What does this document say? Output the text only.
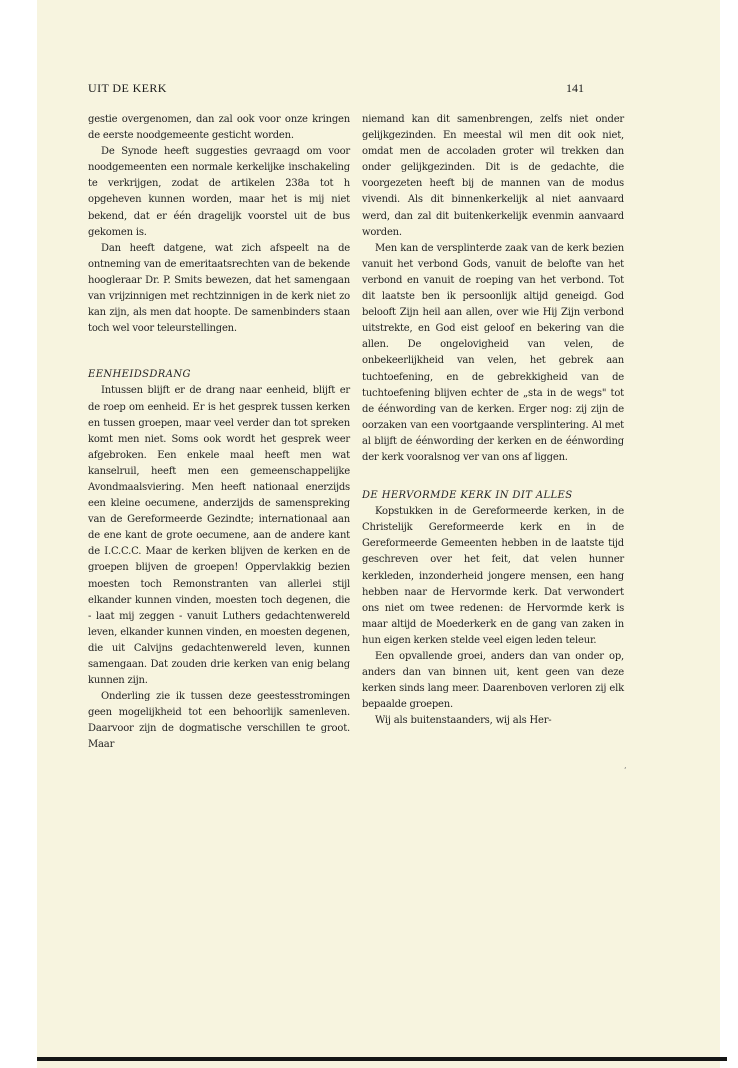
UIT DE KERK	141

gestie overgenomen, dan zal ook voor onze kringen de eerste noodgemeente gesticht worden.

De Synode heeft suggesties gevraagd om voor noodgemeenten een normale kerkelijke inschakeling te verkrijgen, zodat de artikelen 238a tot h opgeheven kunnen worden, maar het is mij niet bekend, dat er één dragelijk voorstel uit de bus gekomen is.

Dan heeft datgene, wat zich afspeelt na de ontneming van de emeritaatsrechten van de bekende hoogleraar Dr. P. Smits bewezen, dat het samengaan van vrijzinnigen met rechtzinnigen in de kerk niet zo kan zijn, als men dat hoopte. De samenbinders staan toch wel voor teleurstellingen.

EENHEIDSDRANG

Intussen blijft er de drang naar eenheid, blijft er de roep om eenheid. Er is het gesprek tussen kerken en tussen groepen, maar veel verder dan tot spreken komt men niet. Soms ook wordt het gesprek weer afgebroken. Een enkele maal heeft men wat kanselruil, heeft men een gemeenschappelijke Avondmaalsviering. Men heeft nationaal enerzijds een kleine oecumene, anderzijds de samenspreking van de Gereformeerde Gezindte; internationaal aan de ene kant de grote oecumene, aan de andere kant de I.C.C.C. Maar de kerken blijven de kerken en de groepen blijven de groepen! Oppervlakkig bezien moesten toch Remonstranten van allerlei stijl elkander kunnen vinden, moesten toch degenen, die - laat mij zeggen - vanuit Luthers gedachtenwereld leven, elkander kunnen vinden, en moesten degenen, die uit Calvijns gedachtenwereld leven, kunnen samengaan. Dat zouden drie kerken van enig belang kunnen zijn.

Onderling zie ik tussen deze geestesstromingen geen mogelijkheid tot een behoorlijk samenleven. Daarvoor zijn de dogmatische verschillen te groot. Maar

niemand kan dit samenbrengen, zelfs niet onder gelijkgezinden. En meestal wil men dit ook niet, omdat men de accoladen groter wil trekken dan onder gelijkgezinden. Dit is de gedachte, die voorgezeten heeft bij de mannen van de modus vivendi. Als dit binnenkerkelijk al niet aanvaard werd, dan zal dit buitenkerkelijk evenmin aanvaard worden.

Men kan de versplinterde zaak van de kerk bezien vanuit het verbond Gods, vanuit de belofte van het verbond en vanuit de roeping van het verbond. Tot dit laatste ben ik persoonlijk altijd geneigd. God belooft Zijn heil aan allen, over wie Hij Zijn verbond uitstrekte, en God eist geloof en bekering van die allen. De ongelovigheid van velen, de onbekeerlijkheid van velen, het gebrek aan tuchtoefening, en de gebrekkigheid van de tuchtoefening blijven echter de „sta in de wegs" tot de éénwording van de kerken. Erger nog: zij zijn de oorzaken van een voortgaande versplintering. Al met al blijft de éénwording der kerken en de éénwording der kerk vooralsnog ver van ons af liggen.

DE HERVORMDE KERK IN DIT ALLES

Kopstukken in de Gereformeerde kerken, in de Christelijk Gereformeerde kerk en in de Gereformeerde Gemeenten hebben in de laatste tijd geschreven over het feit, dat velen hunner kerkleden, inzonderheid jongere mensen, een hang hebben naar de Hervormde kerk. Dat verwondert ons niet om twee redenen: de Hervormde kerk is maar altijd de Moederkerk en de gang van zaken in hun eigen kerken stelde veel eigen leden teleur.

Een opvallende groei, anders dan van onder op, anders dan van binnen uit, kent geen van deze kerken sinds lang meer. Daarenboven verloren zij elk bepaalde groepen.

Wij als buitenstaanders, wij als Her-

,
